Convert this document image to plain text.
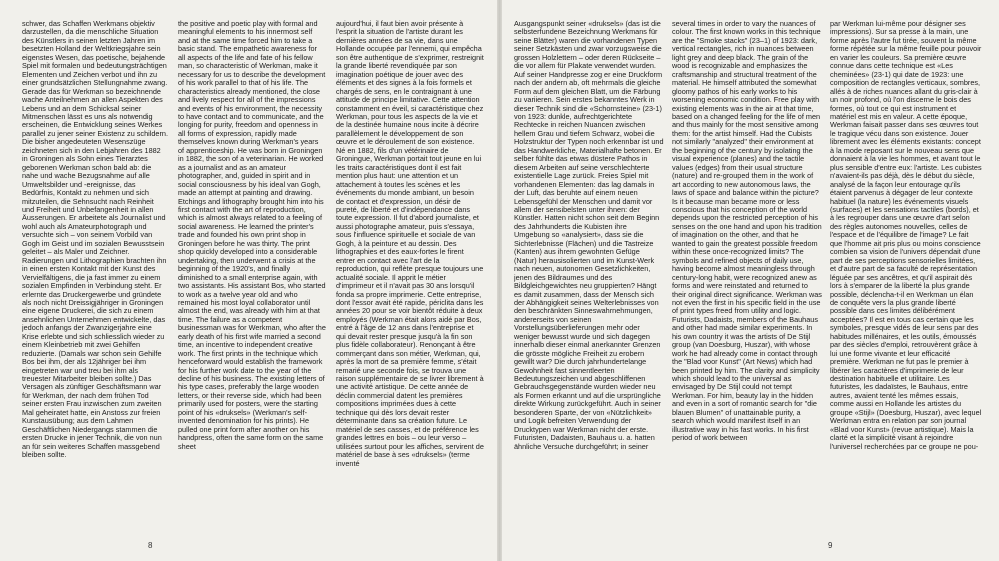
schwer, das Schaffen Werkmans objektiv darzustellen, da die menschliche Situation des Künstlers in seinen letzten Jahren im besetzten Holland der Weltkriegsjahre sein eigenstes Wesen, das poetische, bejahende Spiel mit formalen und bedeutungsträchtigen Elementen und Zeichen verbot und ihn zu einer grundsätzlichen Stellungnahme zwang. Gerade das für Werkman so bezeichnende wache Anteilnehmen an allen Aspekten des Lebens und an dem Schicksal seiner Mitmenschen lässt es uns als notwendig erscheinen, die Entwicklung seines Werkes parallel zu jener seiner Existenz zu schildern. Die bisher angedeuteten Wesenszüge zeichneten sich in den Lebjahren des 1882 in Groningen als Sohn eines Tierarztes geborenen Werkman schon bald ab: die nahe und wache Bezugsnahme auf alle Umweltsbilder und -ereignisse, das Bedürfnis, Kontakt zu nehmen und sich mitzuteilen, die Sehnsucht nach Reinheit und Freiheit und Unbefangenheit in allen Äusserungen. Er arbeitete als Journalist und wohl auch als Amateurphotograph und versuchte sich – von seinem Vorbild van Gogh im Geist und im sozialen Bewusstsein geleitet – als Maler und Zeichner. Radierungen und Lithographien brachten ihn in einen ersten Kontakt mit der Kunst des Vervielfältigens, die ja fast immer zu einem sozialen Empfinden in Verbindung steht. Er erlernte das Druckergewerbe und gründete als noch nicht Dreissigjähriger in Groningen eine eigene Druckerei, die sich zu einem ansehnlichen Unternehmen entwickelte, das jedoch anfangs der Zwanzigerjahre eine Krise erlebte und sich schliesslich wieder zu einem Kleinbetrieb mit zwei Gehilfen reduzierte. (Damals war schon sein Gehilfe Bos bei ihm, der als 12jähriger bei ihm eingetreten war und treu bei ihm als treuester Mitarbeiter bleiben sollte.) Das Versagen als zünftiger Geschäftsmann war für Werkman, der nach dem frühen Tod seiner ersten Frau inzwischen zum zweiten Mal geheiratet hatte, ein Anstoss zur freien Kunstausübung; aus dem Lahmen Geschäftlichen Niedergangs stammen die ersten Drucke in jener Technik, die von nun an für sein weiteres Schaffen massgebend bleiben sollte.
the positive and poetic play with formal and meaningful elements to his innermost self and at the same time forced him to take a basic stand. The empathetic awareness for all aspects of the life and fate of his fellow man, so characteristic of Werkman, make it necessary for us to describe the development of his work parallel to that of his life. The characteristics already mentioned, the close and lively respect for all of the impressions and events of his environment, the necessity to have contact and to communicate, and the longing for purity, freedom and openness in all forms of expression, rapidly made themselves known during Werkman's years of apprenticeship. He was born in Groningen in 1882, the son of a veterinarian. He worked as a journalist and as an amateur photographer, and, guided in spirit and in social consciousness by his ideal van Gogh, made an attempt at painting and drawing. Etchings and lithography brought him into his first contact with the art of reproduction, which is almost always related to a feeling of social awareness. He learned the printer's trade and founded his own print shop in Groningen before he was thirty. The print shop quickly developed into a considerable undertaking, then underwent a crisis at the beginning of the 1920's, and finally diminished to a small enterprise again, with two assistants. His assistant Bos, who started to work as a twelve year old and who remained his most loyal collaborator until almost the end, was already with him at that time. The failure as a competent businessman was for Werkman, who after the early death of his first wife married a second time, an incentive to independent creative work. The first prints in the technique which henceforward would establish the framework for his further work date to the year of the decline of his business. The existing letters of his type cases, preferably the large wooden letters, or their reverse side, which had been primarily used for posters, were the starting point of his «druksels» (Werkman's self-invented denomination for his prints). He pulled one print form after another on his handpress, often the same form on the same sheet
aujourd'hui, il faut bien avoir présente à l'esprit la situation de l'artiste durant les dernières années de sa vie, dans une Hollande occupée par l'ennemi, qui empêcha son être authentique de s'exprimer, restreignit la grande liberté revendiquée par son imagination poétique de jouer avec des éléments et des signes à la fois formels et chargés de sens, en le contraignant à une attitude de principe limitative. Cette attention constamment en éveil, si caractéristique chez Werkman, pour tous les aspects de la vie et de la destinée humaine nous incite à décrire parallèlement le développement de son œuvre et le déroulement de son existence. Né en 1882, fils d'un vétérinaire de Groningue, Werkman portait tout jeune en lui les traits caractéristiques dont il est fait mention plus haut: une attention et un attachement à toutes les scènes et les événements du monde ambiant, un besoin de contact et d'expression, un désir de pureté, de liberté et d'indépendance dans toute expression. Il fut d'abord journaliste, et aussi photographe amateur, puis s'essaya, sous l'influence spirituelle et sociale de van Gogh, à la peinture et au dessin. Des lithographies et des eaux-fortes le firent entrer en contact avec l'art de la reproduction, qui reflète presque toujours une actualité sociale. Il apprit le métier d'imprimeur et il n'avait pas 30 ans lorsqu'il fonda sa propre imprimerie. Cette entreprise, dont l'essor avait été rapide, périclita dans les années 20 pour se voir bientôt réduite à deux employés (Werkman était alors aidé par Bos, entré à l'âge de 12 ans dans l'entreprise et qui devait rester presque jusqu'à la fin son plus fidèle collaborateur). Renonçant à être commerçant dans son métier, Werkman, qui, après la mort de sa première femme, s'était remarié une seconde fois, se trouva une raison supplémentaire de se livrer librement à une activité artistique. De cette année de déclin commercial datent les premières compositions imprimées dues à cette technique qui dès lors devait rester déterminante dans sa création future. Le matériel de ses casses, et de préférence les grandes lettres en bois – ou leur verso – utilisées surtout pour les affiches, servirent de matériel de base à ses «druksels» (terme inventé
8
Ausgangspunkt seiner «druksels» (das ist die selbsterfundene Bezeichnung Werkmans für seine Blätter) waren die vorhandenen Typen seiner Setzkästen und zwar vorzugsweise die grossen Holzlettern – oder deren Rückseite – die vor allem für Plakate verwendet wurden. Auf seiner Handpresse zog er eine Druckform nach der andern ab, oft mehrmals die gleiche Form auf dem gleichen Blatt, um die Färbung zu variieren. Sein erstes bekanntes Werk in dieser Technik sind die «Schornsteine» (23-1) von 1923: dunkle, aufrechtgerichtete Rechtecke in reichen Nuancen zwischen hellem Grau und tiefem Schwarz, wobei die Holzstruktur der Typen noch erkennbar ist und das Handwerkliche, Materialhafte betonen. Er selber fühlte das etwas düstere Pathos in diesem Arbeiten auf seine verschlechterte existentielle Lage zurück. Freies Spiel mit vorhandenen Elementen: das lag damals in der Luft, das beruhte auf einem neuen Lebensgefühl der Menschen und damit vor allem der sensibelsten unter ihnen: der Künstler. Hatten nicht schon seit dem Beginn des Jahrhunderts die Kubisten ihre Umgebung so «analysiert», dass sie die Sichterlebnisse (Flächen) und die Tastreize (Kanten) aus ihrem gewohnten Gefüge (Natur) herausisolierten und im Kunst-Werk nach neuen, autonomen Gesetzlichkeiten, jenen des Bildraumes und des Bildgleichgewichtes neu gruppierten? Hängt es damit zusammen, dass der Mensch sich der Abhängigkeit seines Welterlebnisses von den beschränkten Sinneswahrnehmungen, andererseits von seinen Vorstellungsüberlieferungen mehr oder weniger bewusst wurde und sich dagegen innerhalb dieser einmal anerkannter Grenzen die grösste mögliche Freiheit zu erobern gewillt war? Die durch jahrhundertelange Gewohnheit fast sinnentleerten Bedeutungszeichen und abgeschliffenen Gebrauchsgegenstände wurden wieder neu als Formen erkannt und auf die ursprüngliche direkte Wirkung zurückgeführt. Auch in seiner besonderen Sparte, der von «Nützlichkeit» und Logik befreiten Verwendung der Drucktypen war Werkman nicht der erste. Futuristen, Dadaisten, Bauhaus u. a. hatten ähnliche Versuche durchgeführt; in seiner
several times in order to vary the nuances of colour. The first known works in this technique are the "Smoke stacks" (23–1) of 1923: dark, vertical rectangles, rich in nuances between light grey and deep black. The grain of the wood is recognizable and emphasizes the craftsmanship and structural treatment of the material. He himself attributed the somewhat gloomy pathos of his early works to his worsening economic condition. Free play with existing elements was in the air at that time, based on a changed feeling for the life of men and thus mainly for the most sensitive among them: for the artist himself. Had the Cubists not similarly "analyzed" their environment at the beginning of the century by isolating the visual experience (planes) and the tactile values (edges) from their usual structure (nature) and re-grouped them in the work of art according to new autonomous laws, the laws of space and balance within the picture? Is it because man became more or less conscious that his conception of the world depends upon the restricted perception of his senses on the one hand and upon his tradition of imagination on the other, and that he wanted to gain the greatest possible freedom within these once-recognized limits? The symbols and refined objects of daily use, having become almost meaningless through century-long habit, were recognized anew as forms and were reinstated and returned to their original direct significance. Werkman was not even the first in his specific field in the use of print types freed from utility and logic. Futurists, Dadaists, members of the Bauhaus and other had made similar experiments. In his own country it was the artists of De Stijl group (van Doesburg, Huszar), with whose work he had already come in contact through the "Blad voor Kunst" (Art News) which had been printed by him. The clarity and simplicity which should lead to the universal as envisaged by De Stijl could not tempt Werkman. For him, beauty lay in the hidden and even in a sort of romantic search for "die blauen Blumen" of unattainable purity, a search which would manifest itself in an illustrative way in his fast works. In his first period of work between
par Werkman lui-même pour désigner ses impressions). Sur sa presse à la main, une forme après l'autre fut tirée, souvent la même forme répétée sur la même feuille pour pouvoir en varier les couleurs. Sa première œuvre connue dans cette technique est «Les cheminées» (23-1) qui date de 1923: une composition de rectangles verticaux, sombres, allés à de riches nuances allant du gris-clair à un noir profond, où l'on discerne le bois des formes, où tout ce qui est instrument et matériel est mis en valeur. A cette époque, Werkman faisait passer dans ses œuvres tout le tragique vécu dans son existence. Jouer librement avec les éléments existants: concept à la mode reposant sur le nouveau sens que donnaient à la vie les hommes, et avant tout le plus sensible d'entre eux: l'artiste. Les cubistes n'avaient-ils pas déjà, dès le début du siècle, analysé de la façon leur entourage qu'ils étaient parvenus à dégager de leur contexte habituel (la nature) les événements visuels (surfaces) et les sensations tactiles (bords), et à les regrouper dans une œuvre d'art selon des règles autonomes nouvelles, celles de l'espace et de l'équilibre de l'image? Le fait que l'homme ait pris plus ou moins conscience combien sa vision de l'univers dépendait d'une part de ses perceptions sensorielles limitées, et d'autre part de sa faculté de représentation léguée par ses ancêtres, et qu'il aspirait dès lors à s'emparer de la liberté la plus grande possible, déclencha-t-il en Werkman un élan de conquête vers la plus grande liberté possible dans ces limites délibérément acceptées? Il est en tous cas certain que les symboles, presque vidés de leur sens par des habitudes millénaires, et les outils, émoussés par des siècles d'emploi, retrouvèrent grâce à lui une forme vivante et leur efficacité première. Werkman ne fut pas le premier à libérer les caractères d'imprimerie de leur destination habituelle et utilitaire. Les futuristes, les dadaïstes, le Bauhaus, entre autres, avaient tenté les mêmes essais, comme aussi en Hollande les artistes du groupe «Stijl» (Doesburg, Huszar), avec lequel Werkman entra en relation par son journal «Blad voor Kunst» (revue artistique). Mais la clarté et la simplicité visant à rejoindre l'universel recherchées par ce groupe ne pou-
9
